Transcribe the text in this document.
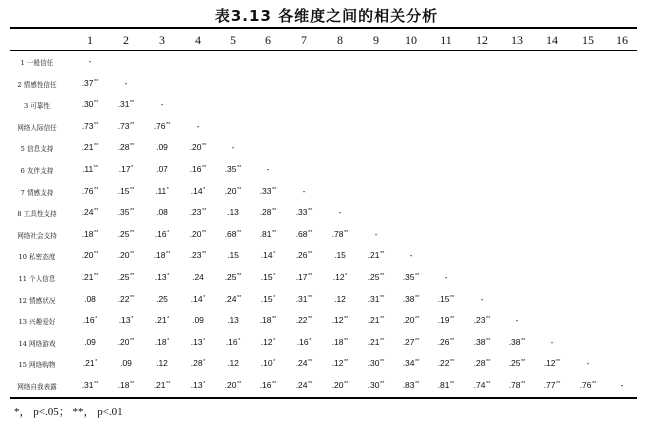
表3.13 各维度之间的相关分析
1	2	3	4 5 6	7	8	9 10 11 12 13 14 15 16
1 一般信任	-
2 情感性信任	.37**	-
3 可靠性	.30** .31**	-
网络人际信任	.73** .73** .76**	-
5 信息支持	.21** .28**	.09	.20**	-
6 友伴支持	.11** .17*	.07	.16** .35**	-
7 情感支持	.76** .15** .11*	.14* .20** .33**	-
8 工具性支持	.24** .35**	.08	.23** .13 .28** .33**	-
网络社会支持	.18** .25** .16* .20** .68** .81** .68** .78**	-
10 私密态度	.20** .20** .18** .23** .15	.14* .26**	.15	.21**	-
11 个人信息	.21** .25** .13*	.24 .25** .15* .17** .12* .25** .35**	-
12 情感状况	.08	.22**	.25	.14* .24** .15* .31**	.12	.31** .38** .15**	-
13 兴趣爱好	.16*	.13*	.21*	.09	.13 .18** .22** .12** .21** .20** .19** .23**	-
14 网络游戏	.09	.20** .18*	.13* .16* .12*	.16* .18** .21** .27** .26** .38** .38**	-
15 网络购物	.21*	.09	.12	.28*	.12	.10* .24** .12** .30** .34** .22** .28** .25** .12**	-
网络自我表露	.31** .18** .21** .13* .20** .16** .24** .20** .30** .83** .81** .74** .78** .77** .76**	-
*， p<.05； **， p<.01
